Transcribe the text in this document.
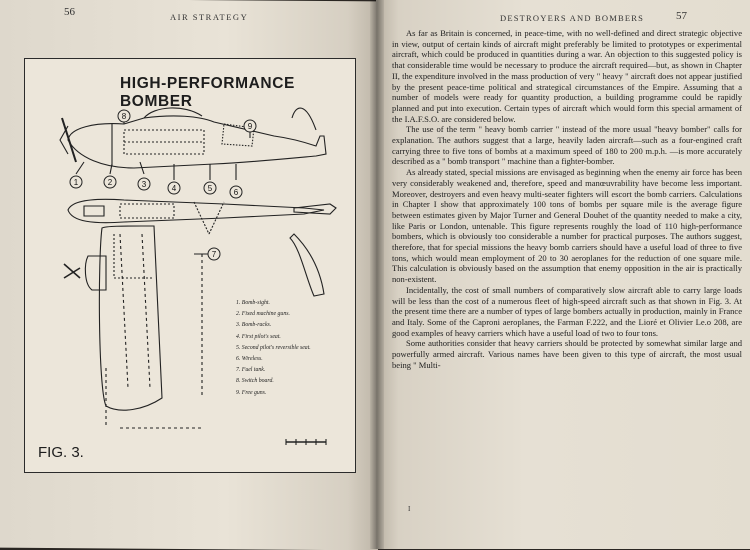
56	AIR STRATEGY
8
9
1	2	3	4	5	6
7
HIGH-PERFORMANCE BOMBER
FIG. 3.
1. Bomb-sight.
2. Fixed machine guns.
3. Bomb-racks.
4. First pilot's seat.
5. Second pilot's reversible seat.
6. Wireless.
7. Fuel tank.
8. Switch board.
9. Free guns.
57
DESTROYERS AND BOMBERS

As far as Britain is concerned, in peace-time, with no well-defined and direct strategic objective in view, output of certain kinds of aircraft might preferably be limited to prototypes or experimental aircraft, which could be produced in quantities during a war. An objection to this suggested policy is that considerable time would be necessary to produce the aircraft required—but, as shown in Chapter II, the expenditure involved in the mass production of very " heavy " aircraft does not appear justified by the present peace-time political and strategical circumstances of the Empire. Assuming that a number of models were ready for quantity production, a building programme could be rapidly planned and put into execution. Certain types of aircraft which would form this special armament of the I.A.F.S.O. are considered below.

The use of the term " heavy bomb carrier " instead of the more usual "heavy bomber" calls for explanation. The authors suggest that a large, heavily laden aircraft—such as a four-engined craft carrying three to five tons of bombs at a maximum speed of 180 to 200 m.p.h. —is more accurately described as a " bomb transport " machine than a fighter-bomber.

As already stated, special missions are envisaged as beginning when the enemy air force has been very considerably weakened and, therefore, speed and manœuvrability have become less important. Moreover, destroyers and even heavy multi-seater fighters will escort the bomb carriers. Calculations in Chapter I show that approximately 100 tons of bombs per square mile is the average figure between estimates given by Major Turner and General Douhet of the quantity needed to make a city, like Paris or London, untenable. This figure represents roughly the load of 110 high-performance bombers, which is obviously too considerable a number for practical purposes. The authors suggest, therefore, that for special missions the heavy bomb carriers should have a useful load of three to five tons, which would mean employment of 20 to 30 aeroplanes for the reduction of one square mile. This calculation is obviously based on the assumption that enemy opposition in the air is practically non-existent.

Incidentally, the cost of small numbers of comparatively slow aircraft able to carry large loads will be less than the cost of a numerous fleet of high-speed aircraft such as that shown in Fig. 3. At the present time there are a number of types of large bombers actually in production, mainly in France and Italy. Some of the Caproni aeroplanes, the Farman F.222, and the Lioré et Olivier Le.o 208, are good examples of heavy carriers which have a useful load of two to four tons.

Some authorities consider that heavy carriers should be protected by somewhat similar large and powerfully armed aircraft. Various names have been given to this type of aircraft, the most usual being " Multi-

I
